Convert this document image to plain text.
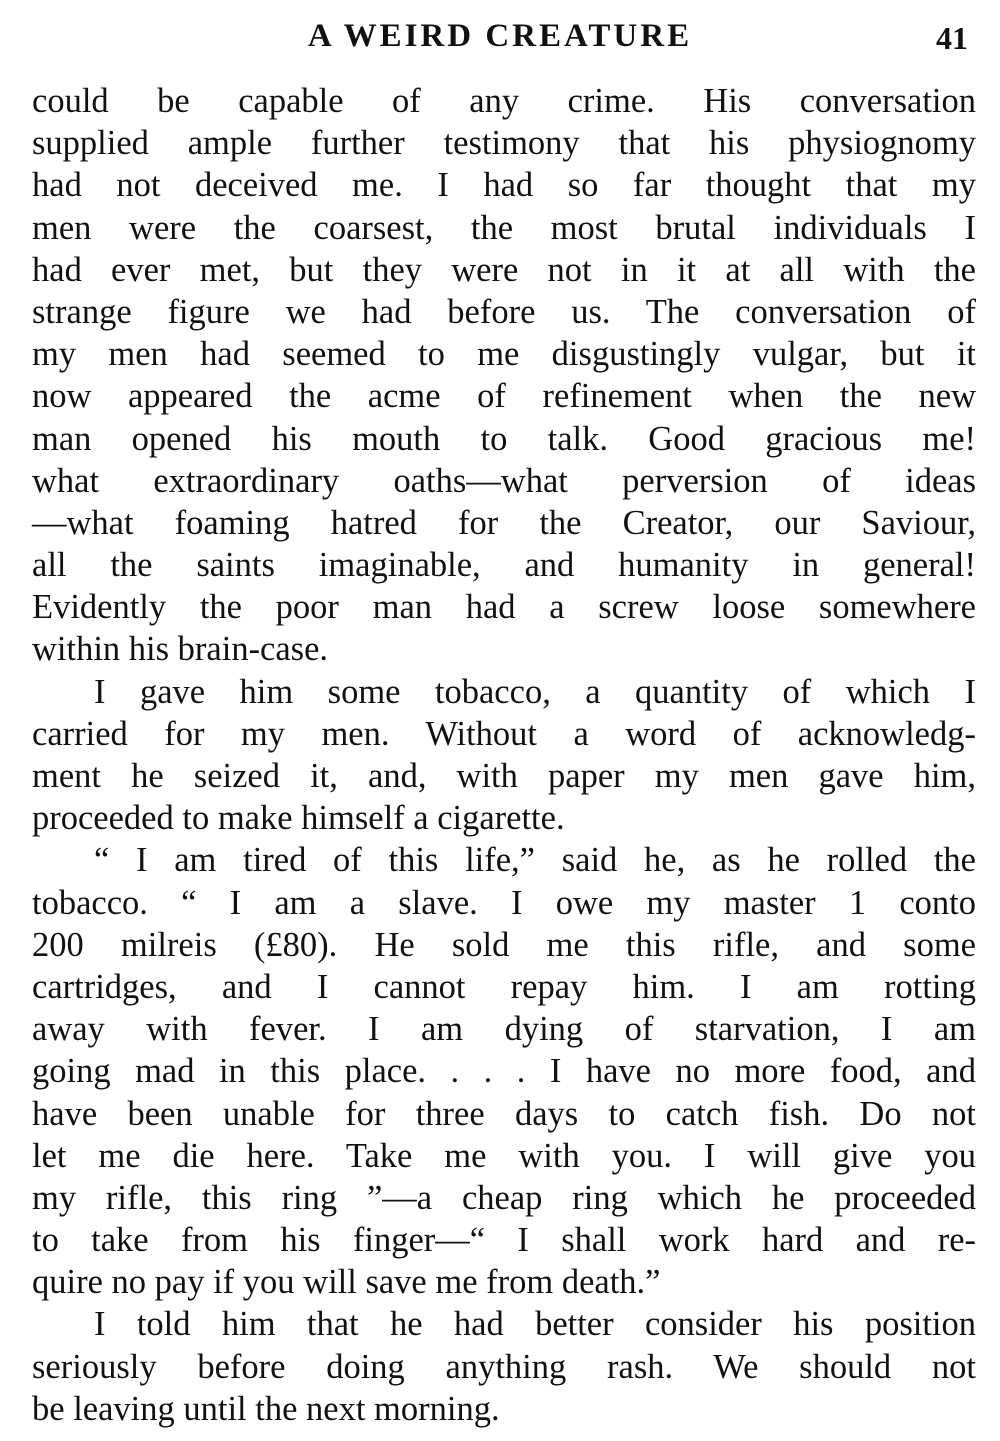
A WEIRD CREATURE	41
could be capable of any crime. His conversation
supplied ample further testimony that his physiognomy
had not deceived me. I had so far thought that my
men were the coarsest, the most brutal individuals I
had ever met, but they were not in it at all with the
strange figure we had before us. The conversation of
my men had seemed to me disgustingly vulgar, but it
now appeared the acme of refinement when the new
man opened his mouth to talk. Good gracious me!
what extraordinary oaths—what perversion of ideas
—what foaming hatred for the Creator, our Saviour,
all the saints imaginable, and humanity in general!
Evidently the poor man had a screw loose somewhere
within his brain-case.
I gave him some tobacco, a quantity of which I
carried for my men. Without a word of acknowledg-
ment he seized it, and, with paper my men gave him,
proceeded to make himself a cigarette.
“ I am tired of this life,” said he, as he rolled the
tobacco. “ I am a slave. I owe my master 1 conto
200 milreis (£80). He sold me this rifle, and some
cartridges, and I cannot repay him. I am rotting
away with fever. I am dying of starvation, I am
going mad in this place. . . . I have no more food, and
have been unable for three days to catch fish. Do not
let me die here. Take me with you. I will give you
my rifle, this ring ”—a cheap ring which he proceeded
to take from his finger—“ I shall work hard and re-
quire no pay if you will save me from death.”
I told him that he had better consider his position
seriously before doing anything rash. We should not
be leaving until the next morning.
